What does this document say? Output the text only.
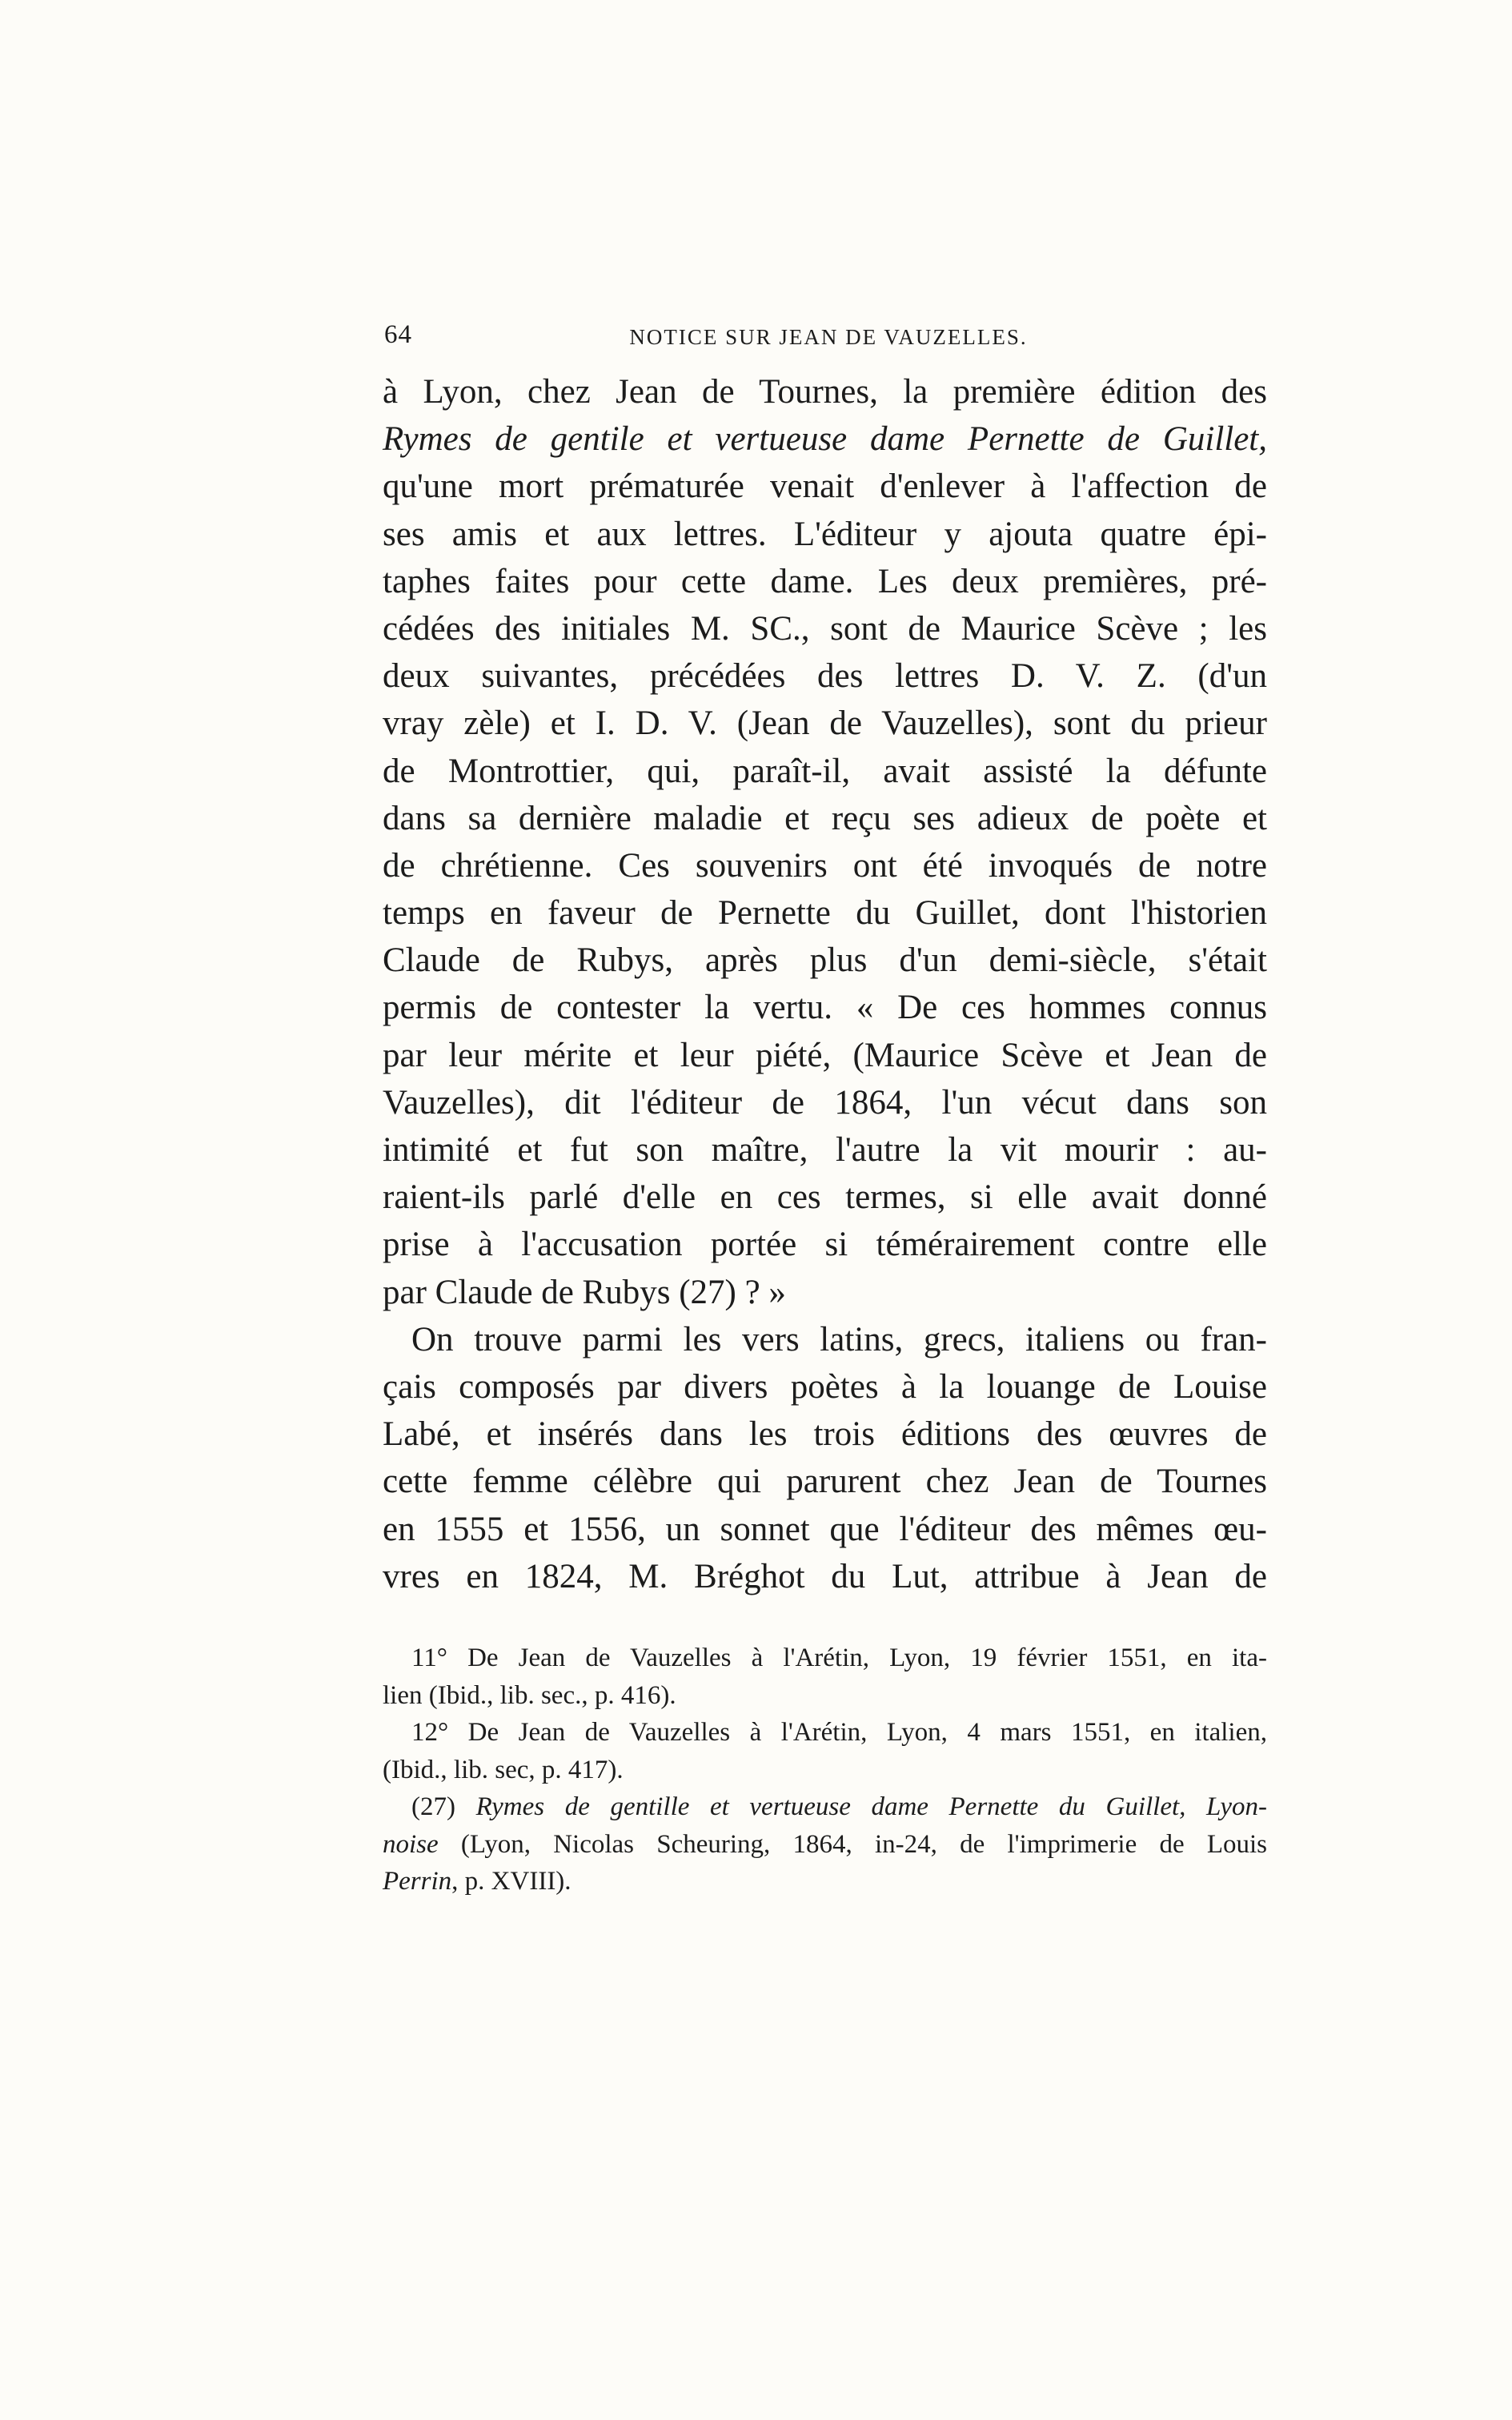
64	NOTICE SUR JEAN DE VAUZELLES.
à Lyon, chez Jean de Tournes, la première édition des
Rymes de gentile et vertueuse dame Pernette de Guillet,
qu'une mort prématurée venait d'enlever à l'affection de
ses amis et aux lettres. L'éditeur y ajouta quatre épi-
taphes faites pour cette dame. Les deux premières, pré-
cédées des initiales M. SC., sont de Maurice Scève ; les
deux suivantes, précédées des lettres D. V. Z. (d'un
vray zèle) et I. D. V. (Jean de Vauzelles), sont du prieur
de Montrottier, qui, paraît-il, avait assisté la défunte
dans sa dernière maladie et reçu ses adieux de poète et
de chrétienne. Ces souvenirs ont été invoqués de notre
temps en faveur de Pernette du Guillet, dont l'historien
Claude de Rubys, après plus d'un demi-siècle, s'était
permis de contester la vertu. « De ces hommes connus
par leur mérite et leur piété, (Maurice Scève et Jean de
Vauzelles), dit l'éditeur de 1864, l'un vécut dans son
intimité et fut son maître, l'autre la vit mourir : au-
raient-ils parlé d'elle en ces termes, si elle avait donné
prise à l'accusation portée si témérairement contre elle
par Claude de Rubys (27) ? »
On trouve parmi les vers latins, grecs, italiens ou fran-
çais composés par divers poètes à la louange de Louise
Labé, et insérés dans les trois éditions des œuvres de
cette femme célèbre qui parurent chez Jean de Tournes
en 1555 et 1556, un sonnet que l'éditeur des mêmes œu-
vres en 1824, M. Bréghot du Lut, attribue à Jean de
11° De Jean de Vauzelles à l'Arétin, Lyon, 19 février 1551, en ita-
lien (Ibid., lib. sec., p. 416).
12° De Jean de Vauzelles à l'Arétin, Lyon, 4 mars 1551, en italien,
(Ibid., lib. sec, p. 417).
(27) Rymes de gentille et vertueuse dame Pernette du Guillet, Lyon-
noise (Lyon, Nicolas Scheuring, 1864, in-24, de l'imprimerie de Louis
Perrin, p. XVIII).
